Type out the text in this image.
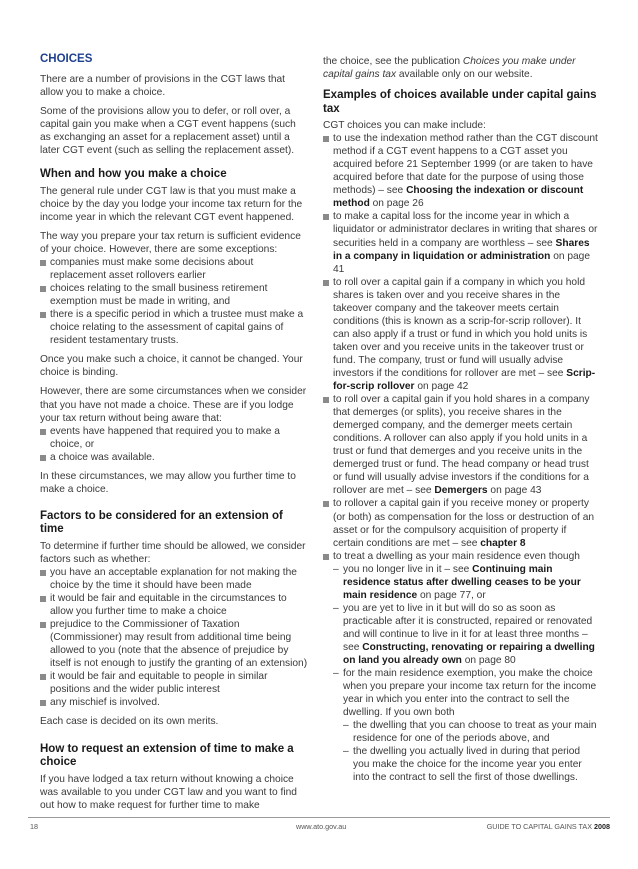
CHOICES

There are a number of provisions in the CGT laws that allow you to make a choice.

Some of the provisions allow you to defer, or roll over, a capital gain you make when a CGT event happens (such as exchanging an asset for a replacement asset) until a later CGT event (such as selling the replacement asset).

When and how you make a choice

The general rule under CGT law is that you must make a choice by the day you lodge your income tax return for the income year in which the relevant CGT event happened.

The way you prepare your tax return is sufficient evidence of your choice. However, there are some exceptions:

companies must make some decisions about replacement asset rollovers earlier
choices relating to the small business retirement exemption must be made in writing, and
there is a specific period in which a trustee must make a choice relating to the assessment of capital gains of resident testamentary trusts.

Once you make such a choice, it cannot be changed. Your choice is binding.

However, there are some circumstances when we consider that you have not made a choice. These are if you lodge your tax return without being aware that:

events have happened that required you to make a choice, or
a choice was available.

In these circumstances, we may allow you further time to make a choice.

Factors to be considered for an extension of time

To determine if further time should be allowed, we consider factors such as whether:

you have an acceptable explanation for not making the choice by the time it should have been made
it would be fair and equitable in the circumstances to allow you further time to make a choice
prejudice to the Commissioner of Taxation (Commissioner) may result from additional time being allowed to you (note that the absence of prejudice by itself is not enough to justify the granting of an extension)
it would be fair and equitable to people in similar positions and the wider public interest
any mischief is involved.

Each case is decided on its own merits.

How to request an extension of time to make a choice

If you have lodged a tax return without knowing a choice was available to you under CGT law and you want to find out how to make request for further time to make

the choice, see the publication Choices you make under capital gains tax available only on our website.

Examples of choices available under capital gains tax

CGT choices you can make include:

to use the indexation method rather than the CGT discount method if a CGT event happens to a CGT asset you acquired before 21 September 1999 (or are taken to have acquired before that date for the purpose of using those methods) – see Choosing the indexation or discount method on page 26
to make a capital loss for the income year in which a liquidator or administrator declares in writing that shares or securities held in a company are worthless – see Shares in a company in liquidation or administration on page 41
to roll over a capital gain if a company in which you hold shares is taken over and you receive shares in the takeover company and the takeover meets certain conditions (this is known as a scrip-for-scrip rollover). It can also apply if a trust or fund in which you hold units is taken over and you receive units in the takeover trust or fund. The company, trust or fund will usually advise investors if the conditions for rollover are met – see Scrip-for-scrip rollover on page 42
to roll over a capital gain if you hold shares in a company that demerges (or splits), you receive shares in the demerged company, and the demerger meets certain conditions. A rollover can also apply if you hold units in a trust or fund that demerges and you receive units in the demerged trust or fund. The head company or head trust or fund will usually advise investors if the conditions for a rollover are met – see Demergers on page 43
to rollover a capital gain if you receive money or property (or both) as compensation for the loss or destruction of an asset or for the compulsory acquisition of property if certain conditions are met – see chapter 8
to treat a dwelling as your main residence even though
– you no longer live in it – see Continuing main residence status after dwelling ceases to be your main residence on page 77, or
– you are yet to live in it but will do so as soon as practicable after it is constructed, repaired or renovated and will continue to live in it for at least three months – see Constructing, renovating or repairing a dwelling on land you already own on page 80
– for the main residence exemption, you make the choice when you prepare your income tax return for the income year in which you enter into the contract to sell the dwelling. If you own both
– the dwelling that you can choose to treat as your main residence for one of the periods above, and
– the dwelling you actually lived in during that period you make the choice for the income year you enter into the contract to sell the first of those dwellings.
18	www.ato.gov.au	GUIDE TO CAPITAL GAINS TAX 2008
